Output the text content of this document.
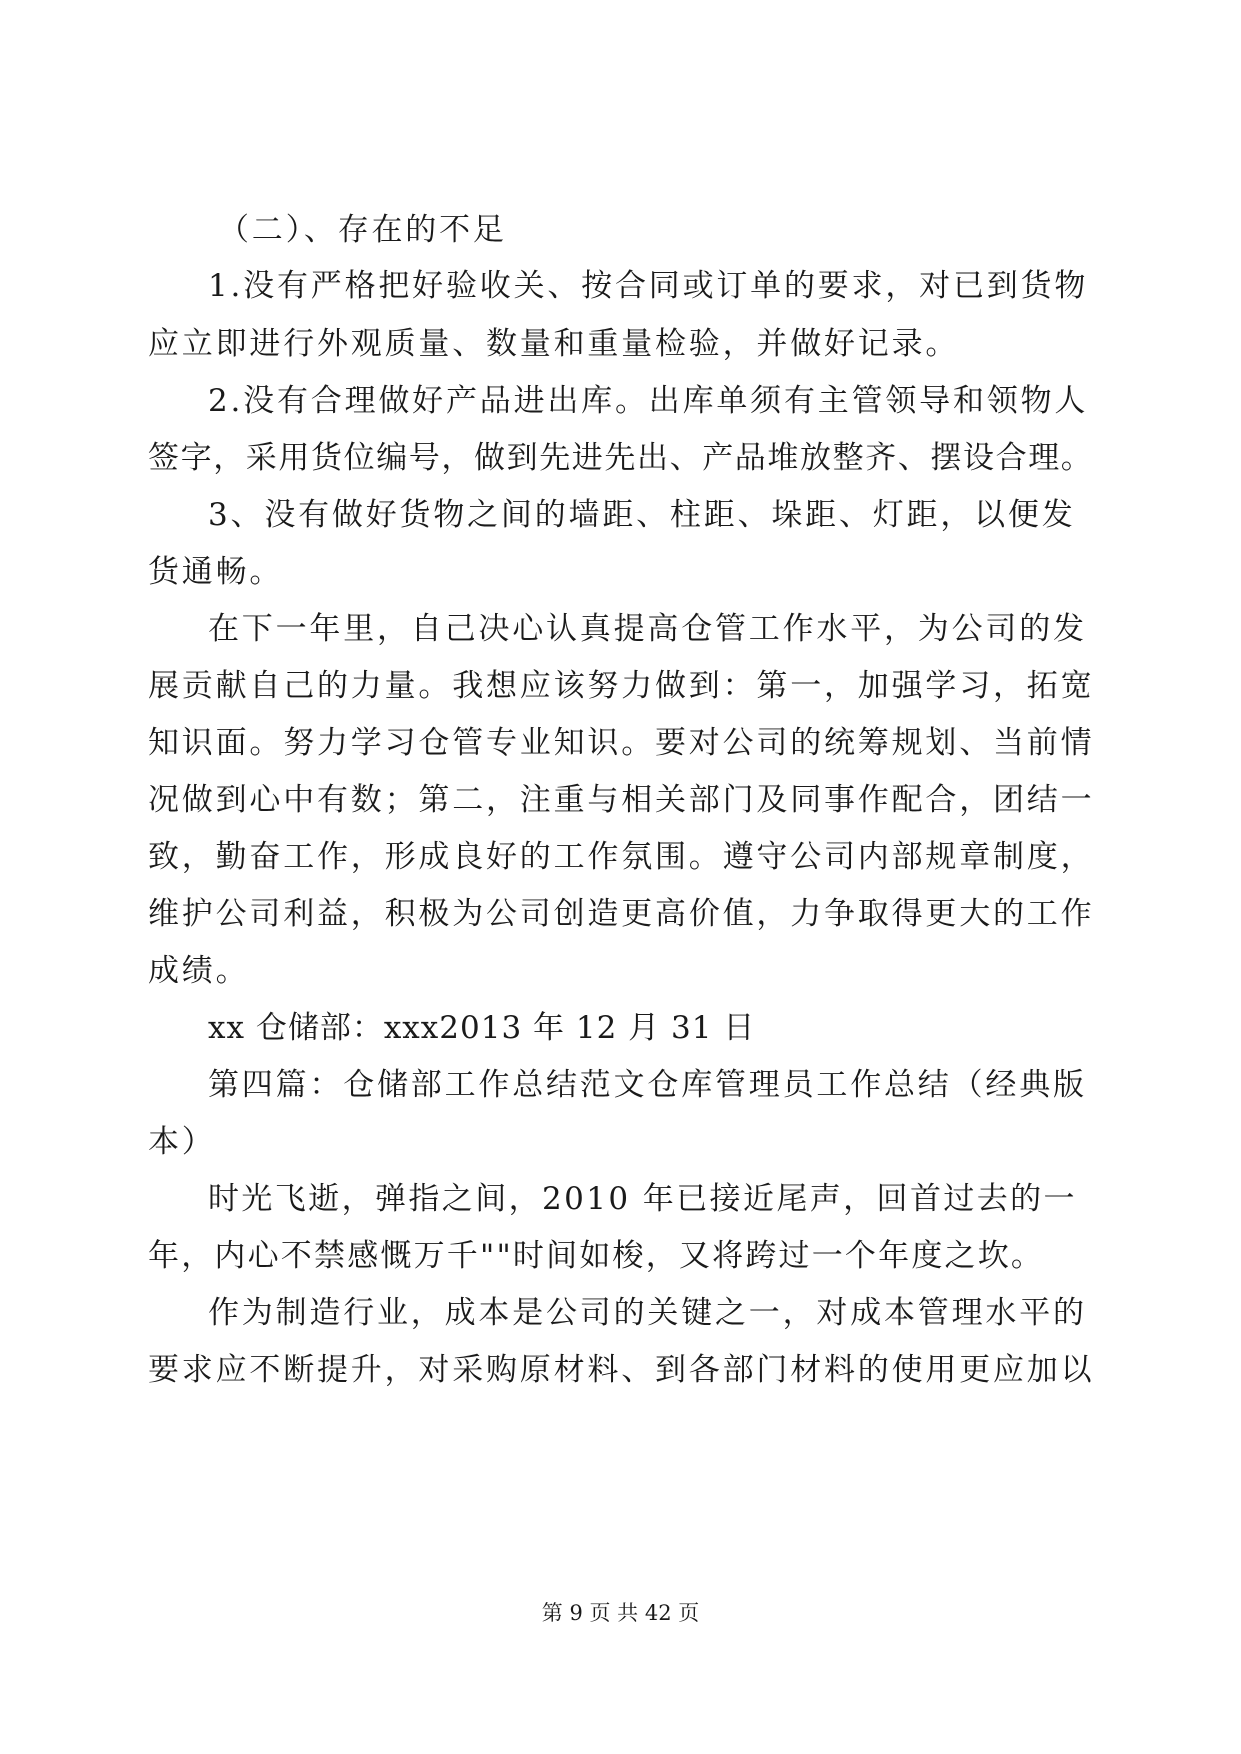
（二）、存在的不足
1.没有严格把好验收关、按合同或订单的要求，对已到货物
应立即进行外观质量、数量和重量检验，并做好记录。
2.没有合理做好产品进出库。出库单须有主管领导和领物人
签字，采用货位编号，做到先进先出、产品堆放整齐、摆设合理。
3、没有做好货物之间的墙距、柱距、垛距、灯距，以便发
货通畅。
在下一年里，自己决心认真提高仓管工作水平，为公司的发
展贡献自己的力量。我想应该努力做到：第一，加强学习，拓宽
知识面。努力学习仓管专业知识。要对公司的统筹规划、当前情
况做到心中有数；第二，注重与相关部门及同事作配合，团结一
致，勤奋工作，形成良好的工作氛围。遵守公司内部规章制度，
维护公司利益，积极为公司创造更高价值，力争取得更大的工作
成绩。
xx 仓储部：xxx2013 年 12 月 31 日
第四篇：仓储部工作总结范文仓库管理员工作总结（经典版
本）
时光飞逝，弹指之间，2010 年已接近尾声，回首过去的一
年，内心不禁感慨万千""时间如梭，又将跨过一个年度之坎。
作为制造行业，成本是公司的关键之一，对成本管理水平的
要求应不断提升，对采购原材料、到各部门材料的使用更应加以
第 9 页 共 42 页
